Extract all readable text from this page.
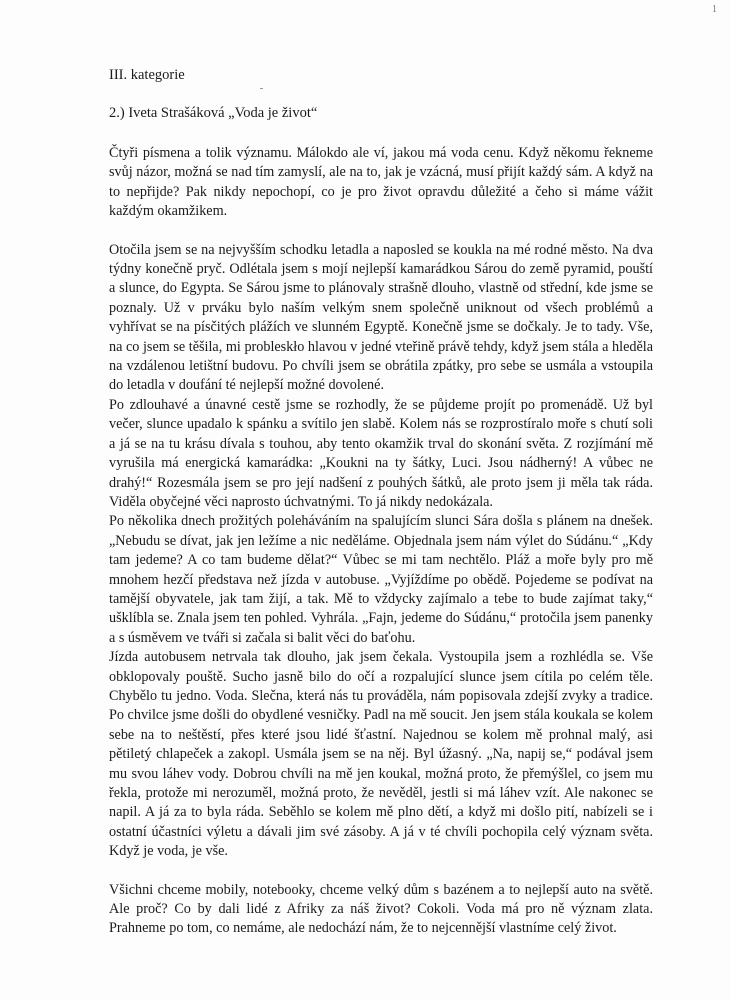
1
III. kategorie
2.) Iveta Strašáková „Voda je život“

Čtyři písmena a tolik významu. Málokdo ale ví, jakou má voda cenu. Když někomu řekneme svůj názor, možná se nad tím zamyslí, ale na to, jak je vzácná, musí přijít každý sám. A když na to nepřijde? Pak nikdy nepochopí, co je pro život opravdu důležité a čeho si máme vážit každým okamžikem.

Otočila jsem se na nejvyšším schodku letadla a naposled se koukla na mé rodné město. Na dva týdny konečně pryč. Odlétala jsem s mojí nejlepší kamarádkou Sárou do země pyramid, pouští a slunce, do Egypta. Se Sárou jsme to plánovaly strašně dlouho, vlastně od střední, kde jsme se poznaly. Už v prváku bylo naším velkým snem společně uniknout od všech problémů a vyhřívat se na písčitých plážích ve slunném Egyptě. Konečně jsme se dočkaly. Je to tady. Vše, na co jsem se těšila, mi probleskło hlavou v jedné vteřině právě tehdy, když jsem stála a hleděla na vzdálenou letištní budovu. Po chvíli jsem se obrátila zpátky, pro sebe se usmála a vstoupila do letadla v doufání té nejlepší možné dovolené.

Po zdlouhavé a únavné cestě jsme se rozhodly, že se půjdeme projít po promenádě. Už byl večer, slunce upadalo k spánku a svítilo jen slabě. Kolem nás se rozprostíralo moře s chutí soli a já se na tu krásu dívala s touhou, aby tento okamžik trval do skonání světa. Z rozjímání mě vyrušila má energická kamarádka: „Koukni na ty šátky, Luci. Jsou nádherný! A vůbec ne drahý!“ Rozesmála jsem se pro její nadšení z pouhých šátků, ale proto jsem ji měla tak ráda. Viděla obyčejné věci naprosto úchvatnými. To já nikdy nedokázala.

Po několika dnech prožitých poleháváním na spalujícím slunci Sára došla s plánem na dnešek. „Nebudu se dívat, jak jen ležíme a nic neděláme. Objednala jsem nám výlet do Súdánu.“ „Kdy tam jedeme? A co tam budeme dělat?“ Vůbec se mi tam nechtělo. Pláž a moře byly pro mě mnohem hezčí představa než jízda v autobuse. „Vyjíždíme po obědě. Pojedeme se podívat na tamější obyvatele, jak tam žijí, a tak. Mě to vždycky zajímalo a tebe to bude zajímat taky,“ ušklíbla se. Znala jsem ten pohled. Vyhrála. „Fajn, jedeme do Súdánu,“ protočila jsem panenky a s úsměvem ve tváři si začala si balit věci do baťohu.

Jízda autobusem netrvala tak dlouho, jak jsem čekala. Vystoupila jsem a rozhlédla se. Vše obklopovaly pouště. Sucho jasně bilo do očí a rozpalující slunce jsem cítila po celém těle. Chybělo tu jedno. Voda. Slečna, která nás tu prováděla, nám popisovala zdejší zvyky a tradice. Po chvilce jsme došli do obydlené vesničky. Padl na mě soucit. Jen jsem stála koukala se kolem sebe na to neštěstí, přes které jsou lidé šťastní. Najednou se kolem mě prohnal malý, asi pětiletý chlapeček a zakopl. Usmála jsem se na něj. Byl úžasný. „Na, napij se,“ podával jsem mu svou láhev vody. Dobrou chvíli na mě jen koukal, možná proto, že přemýšlel, co jsem mu řekla, protože mi nerozuměl, možná proto, že nevěděl, jestli si má láhev vzít. Ale nakonec se napil. A já za to byla ráda. Seběhlo se kolem mě plno dětí, a když mi došlo pití, nabízeli se i ostatní účastníci výletu a dávali jim své zásoby. A já v té chvíli pochopila celý význam světa. Když je voda, je vše.

Všichni chceme mobily, notebooky, chceme velký dům s bazénem a to nejlepší auto na světě. Ale proč? Co by dali lidé z Afriky za náš život? Cokoli. Voda má pro ně význam zlata. Prahneme po tom, co nemáme, ale nedochází nám, že to nejcennější vlastníme celý život.
